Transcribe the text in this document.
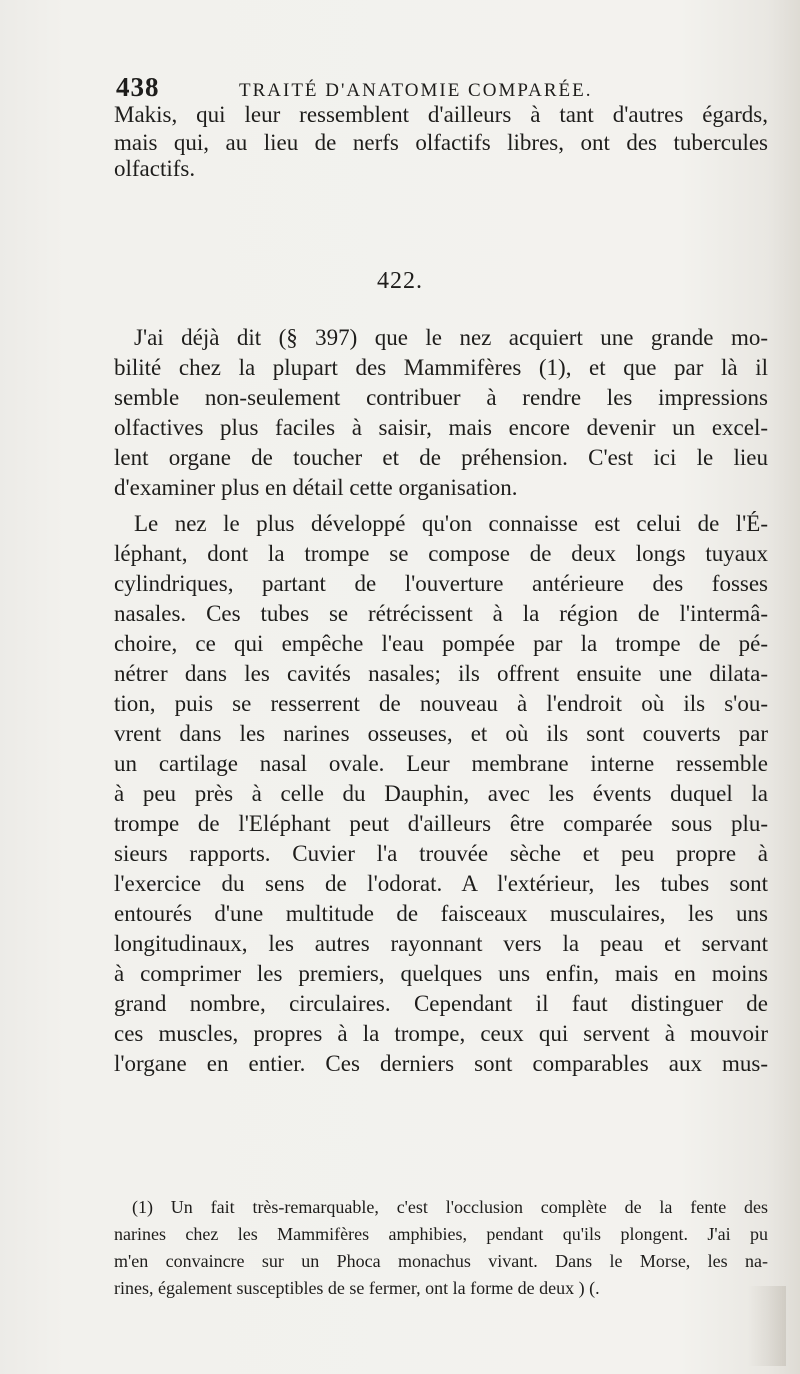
438	TRAITÉ D'ANATOMIE COMPARÉE.
Makis, qui leur ressemblent d'ailleurs à tant d'autres égards,
mais qui, au lieu de nerfs olfactifs libres, ont des tubercules
olfactifs.
422.
J'ai déjà dit (§ 397) que le nez acquiert une grande mo-
bilité chez la plupart des Mammifères (1), et que par là il
semble non-seulement contribuer à rendre les impressions
olfactives plus faciles à saisir, mais encore devenir un excel-
lent organe de toucher et de préhension. C'est ici le lieu
d'examiner plus en détail cette organisation.
Le nez le plus développé qu'on connaisse est celui de l'É-
léphant, dont la trompe se compose de deux longs tuyaux
cylindriques, partant de l'ouverture antérieure des fosses
nasales. Ces tubes se rétrécissent à la région de l'intermâ-
choire, ce qui empêche l'eau pompée par la trompe de pé-
nétrer dans les cavités nasales; ils offrent ensuite une dilata-
tion, puis se resserrent de nouveau à l'endroit où ils s'ou-
vrent dans les narines osseuses, et où ils sont couverts par
un cartilage nasal ovale. Leur membrane interne ressemble
à peu près à celle du Dauphin, avec les évents duquel la
trompe de l'Eléphant peut d'ailleurs être comparée sous plu-
sieurs rapports. Cuvier l'a trouvée sèche et peu propre à
l'exercice du sens de l'odorat. A l'extérieur, les tubes sont
entourés d'une multitude de faisceaux musculaires, les uns
longitudinaux, les autres rayonnant vers la peau et servant
à comprimer les premiers, quelques uns enfin, mais en moins
grand nombre, circulaires. Cependant il faut distinguer de
ces muscles, propres à la trompe, ceux qui servent à mouvoir
l'organe en entier. Ces derniers sont comparables aux mus-
(1) Un fait très-remarquable, c'est l'occlusion complète de la fente des
narines chez les Mammifères amphibies, pendant qu'ils plongent. J'ai pu
m'en convaincre sur un Phoca monachus vivant. Dans le Morse, les na-
rines, également susceptibles de se fermer, ont la forme de deux ) (.
